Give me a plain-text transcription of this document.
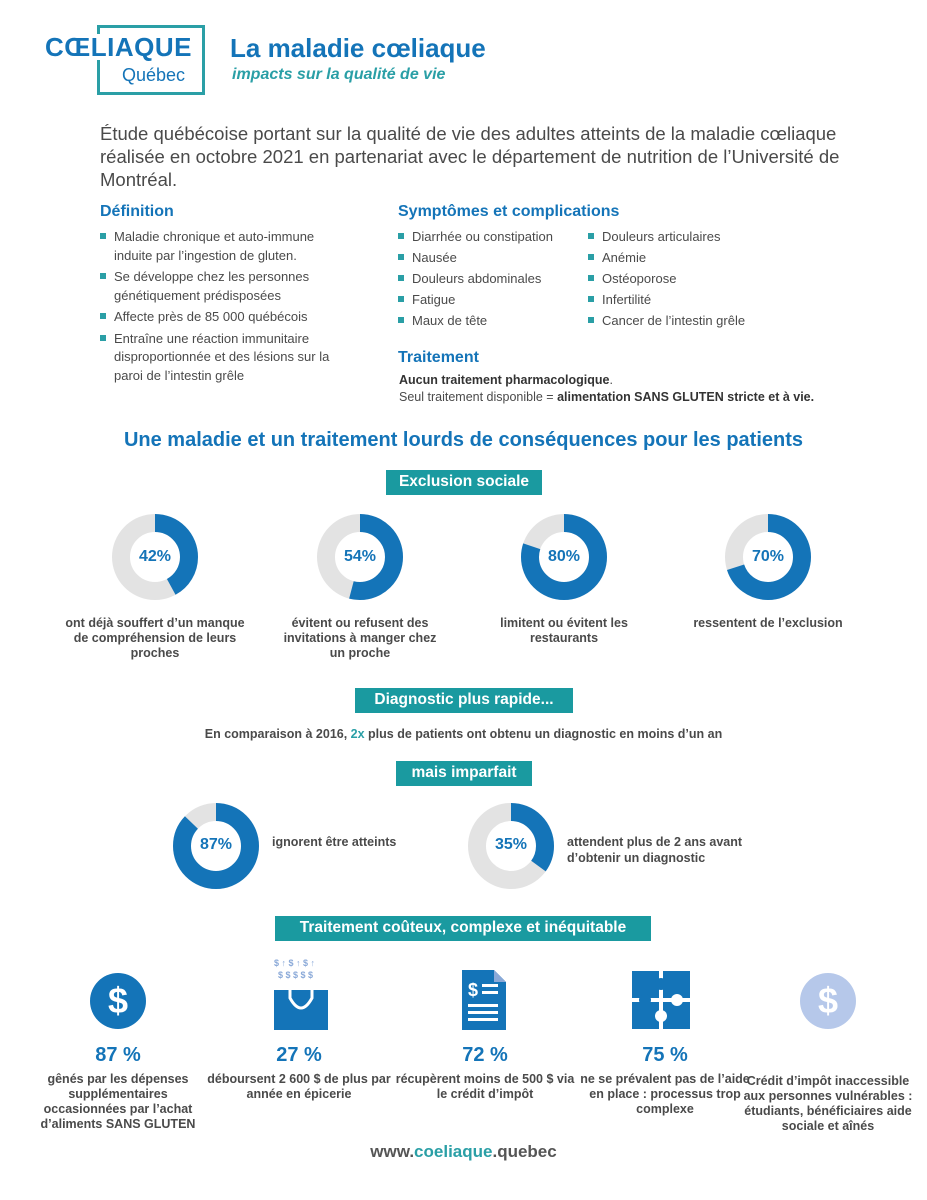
CŒLIAQUE
Québec
La maladie cœliaque
impacts sur la qualité de vie
Étude québécoise portant sur la qualité de vie des adultes atteints de la maladie cœliaque réalisée en octobre 2021 en partenariat avec le département de nutrition de l’Université de Montréal.
Définition
Maladie chronique et auto-immune induite par l’ingestion de gluten.
Se développe chez les personnes génétiquement prédisposées
Affecte près de 85 000 québécois
Entraîne une réaction immunitaire disproportionnée et des lésions sur la paroi de l’intestin grêle
Symptômes et complications
Diarrhée ou constipation
Nausée
Douleurs abdominales
Fatigue
Maux de tête
Douleurs articulaires
Anémie
Ostéoporose
Infertilité
Cancer de l’intestin grêle
Traitement
Aucun traitement pharmacologique.
Seul traitement disponible = alimentation SANS GLUTEN stricte et à vie.
Une maladie et un traitement lourds de conséquences pour les patients
Exclusion sociale
42%
ont déjà souffert d’un manque de compréhension de leurs proches
54%
évitent ou refusent des invitations à manger chez un proche
80%
limitent ou évitent les restaurants
70%
ressentent de l’exclusion
Diagnostic plus rapide...
En comparaison à 2016, 2x plus de patients ont obtenu un diagnostic en moins d’un an
mais imparfait
87%	ignorent être atteints	35%	attendent plus de 2 ans avant d’obtenir un diagnostic
Traitement coûteux, complexe et inéquitable
$
$ ↑ $ ↑ $ ↑
$ $ $ $ $
$	$
87 %
gênés par les dépenses supplémentaires occasionnées par l’achat d’aliments SANS GLUTEN
27 %
déboursent 2 600 $ de plus par année en épicerie
72 %
récupèrent moins de 500 $ via le crédit d’impôt
75 %
ne se prévalent pas de l’aide en place : processus trop complexe
Crédit d’impôt inaccessible aux personnes vulnérables : étudiants, bénéficiaires aide sociale et aînés
www.coeliaque.quebec
